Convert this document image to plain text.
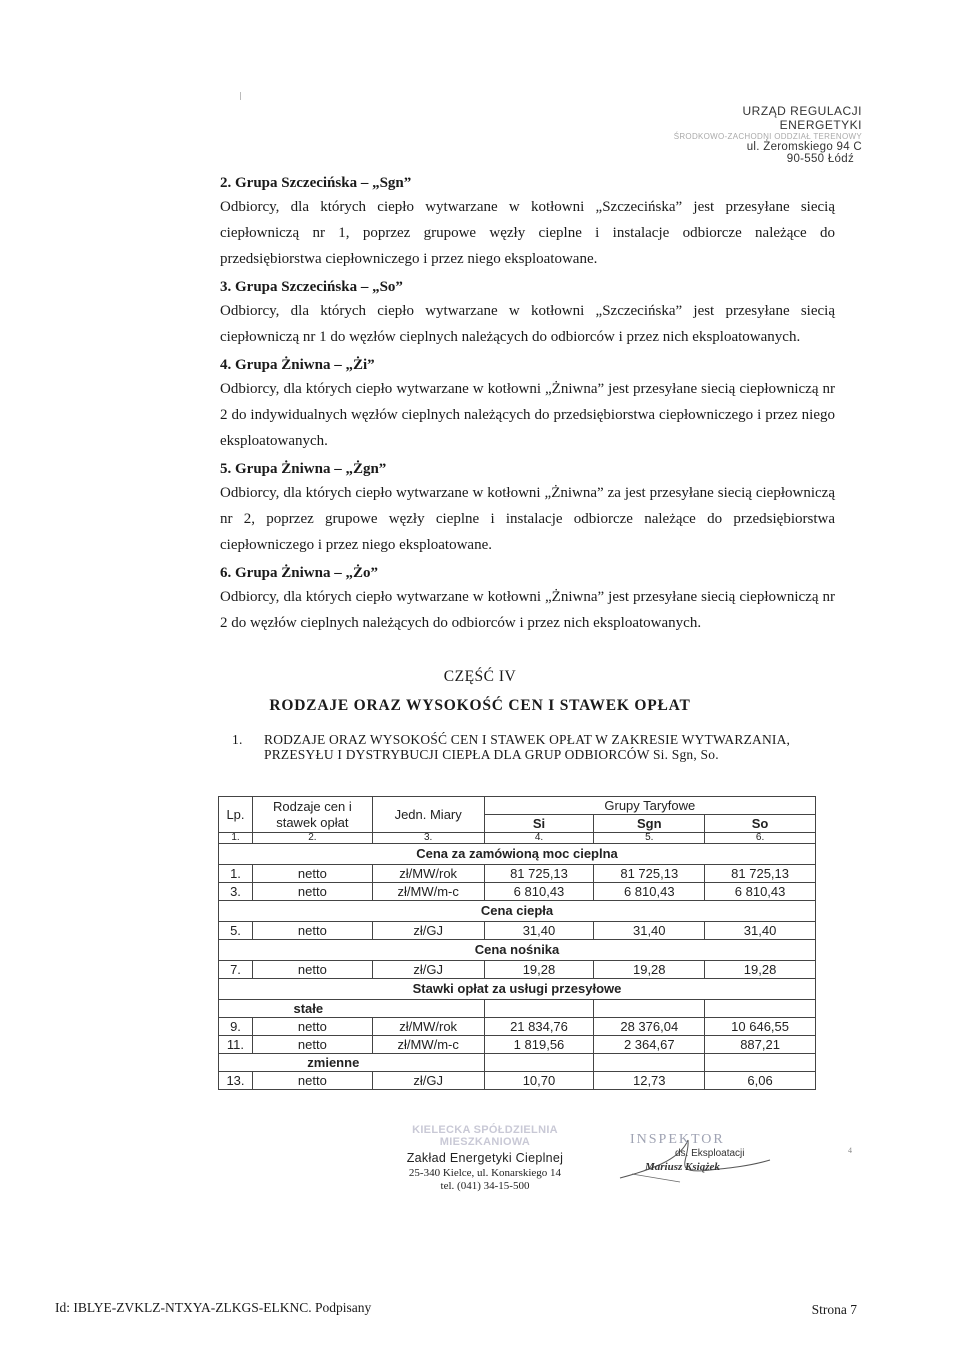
URZĄD REGULACJI ENERGETYKI
ŚRODKOWO-ZACHODNI ODDZIAŁ TERENOWY
ul. Żeromskiego 94 C
90-550 Łódź
2. Grupa Szczecińska – „Sgn”

Odbiorcy, dla których ciepło wytwarzane w kotłowni „Szczecińska” jest przesyłane siecią ciepłowniczą nr 1, poprzez grupowe węzły cieplne i instalacje odbiorcze należące do przedsiębiorstwa ciepłowniczego i przez niego eksploatowane.

3. Grupa Szczecińska – „So”

Odbiorcy, dla których ciepło wytwarzane w kotłowni „Szczecińska” jest przesyłane siecią ciepłowniczą nr 1 do węzłów cieplnych należących do odbiorców i przez nich eksploatowanych.

4. Grupa Żniwna – „Żi”

Odbiorcy, dla których ciepło wytwarzane w kotłowni „Żniwna” jest przesyłane siecią ciepłowniczą nr 2 do indywidualnych węzłów cieplnych należących do przedsiębiorstwa ciepłowniczego i przez niego eksploatowanych.

5. Grupa Żniwna – „Żgn”

Odbiorcy, dla których ciepło wytwarzane w kotłowni „Żniwna” za jest przesyłane siecią ciepłowniczą nr 2, poprzez grupowe węzły cieplne i instalacje odbiorcze należące do przedsiębiorstwa ciepłowniczego i przez niego eksploatowane.

6. Grupa Żniwna – „Żo”

Odbiorcy, dla których ciepło wytwarzane w kotłowni „Żniwna” jest przesyłane siecią ciepłowniczą nr 2 do węzłów cieplnych należących do odbiorców i przez nich eksploatowanych.

CZĘŚĆ IV
RODZAJE ORAZ WYSOKOŚĆ CEN I STAWEK OPŁAT
1. RODZAJE ORAZ WYSOKOŚĆ CEN I STAWEK OPŁAT W ZAKRESIE WYTWARZANIA, PRZESYŁU I DYSTRYBUCJI CIEPŁA DLA GRUP ODBIORCÓW Si. Sgn, So.
Lp.	Rodzaje cen i stawek opłat	Jedn. Miary	Grupy Taryfowe		
			Si	Sgn	So
1.	2.	3.	4.	5.	6.
Cena za zamówioną moc cieplna					
1.	netto	zł/MW/rok	81 725,13	81 725,13	81 725,13
3.	netto	zł/MW/m-c	6 810,43	6 810,43	6 810,43
Cena ciepła					
5.	netto	zł/GJ	31,40	31,40	31,40
Cena nośnika					
7.	netto	zł/GJ	19,28	19,28	19,28
Stawki opłat za usługi przesyłowe					
stałe					
9.	netto	zł/MW/rok	21 834,76	28 376,04	10 646,55
11.	netto	zł/MW/m-c	1 819,56	2 364,67	887,21
zmienne					
13.	netto	zł/GJ	10,70	12,73	6,06
KIELECKA SPÓŁDZIELNIA MIESZKANIOWA
Zakład Energetyki Cieplnej
25-340 Kielce, ul. Konarskiego 14
tel. (041) 34-15-500
INSPEKTOR
ds. Eksploatacji
Mariusz Książek
4
Id: IBLYE-ZVKLZ-NTXYA-ZLKGS-ELKNC. Podpisany	Strona 7
